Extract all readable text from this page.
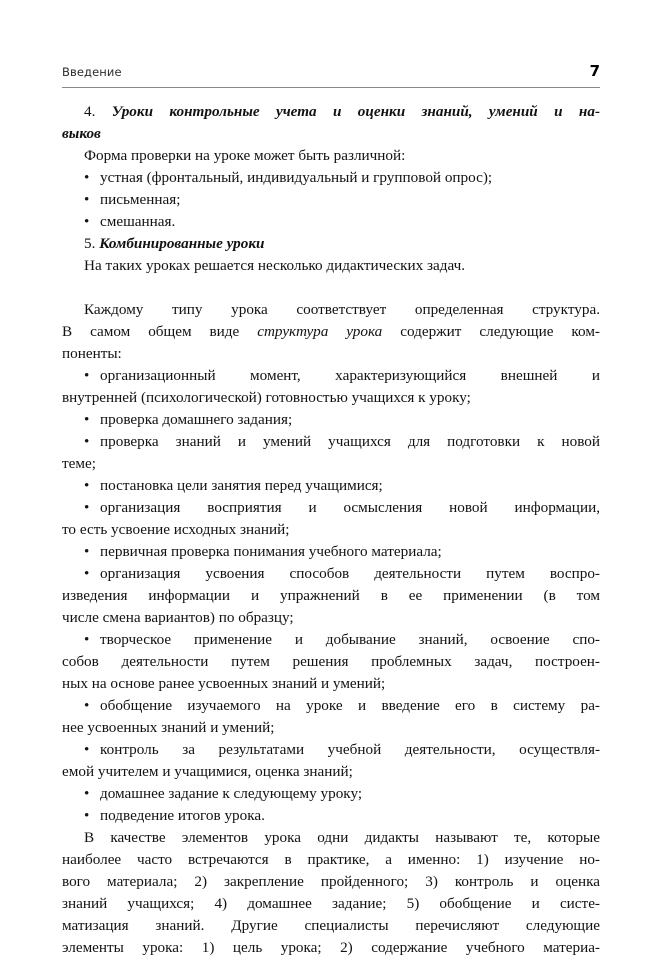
Введение	7
4. Уроки контрольные учета и оценки знаний, умений и на-
выков
Форма проверки на уроке может быть различной:
• устная (фронтальный, индивидуальный и групповой опрос);
• письменная;
• смешанная.
5. Комбинированные уроки
На таких уроках решается несколько дидактических задач.
Каждому типу урока соответствует определенная структура.
В самом общем виде структура урока содержит следующие ком-
поненты:
• организационный момент, характеризующийся внешней и
внутренней (психологической) готовностью учащихся к уроку;
• проверка домашнего задания;
• проверка знаний и умений учащихся для подготовки к новой
теме;
• постановка цели занятия перед учащимися;
• организация восприятия и осмысления новой информации,
то есть усвоение исходных знаний;
• первичная проверка понимания учебного материала;
• организация усвоения способов деятельности путем воспро-
изведения информации и упражнений в ее применении (в том
числе смена вариантов) по образцу;
• творческое применение и добывание знаний, освоение спо-
собов деятельности путем решения проблемных задач, построен-
ных на основе ранее усвоенных знаний и умений;
• обобщение изучаемого на уроке и введение его в систему ра-
нее усвоенных знаний и умений;
• контроль за результатами учебной деятельности, осуществля-
емой учителем и учащимися, оценка знаний;
• домашнее задание к следующему уроку;
• подведение итогов урока.
В качестве элементов урока одни дидакты называют те, которые
наиболее часто встречаются в практике, а именно: 1) изучение но-
вого материала; 2) закрепление пройденного; 3) контроль и оценка
знаний учащихся; 4) домашнее задание; 5) обобщение и систе-
матизация знаний. Другие специалисты перечисляют следующие
элементы урока: 1) цель урока; 2) содержание учебного материа-
